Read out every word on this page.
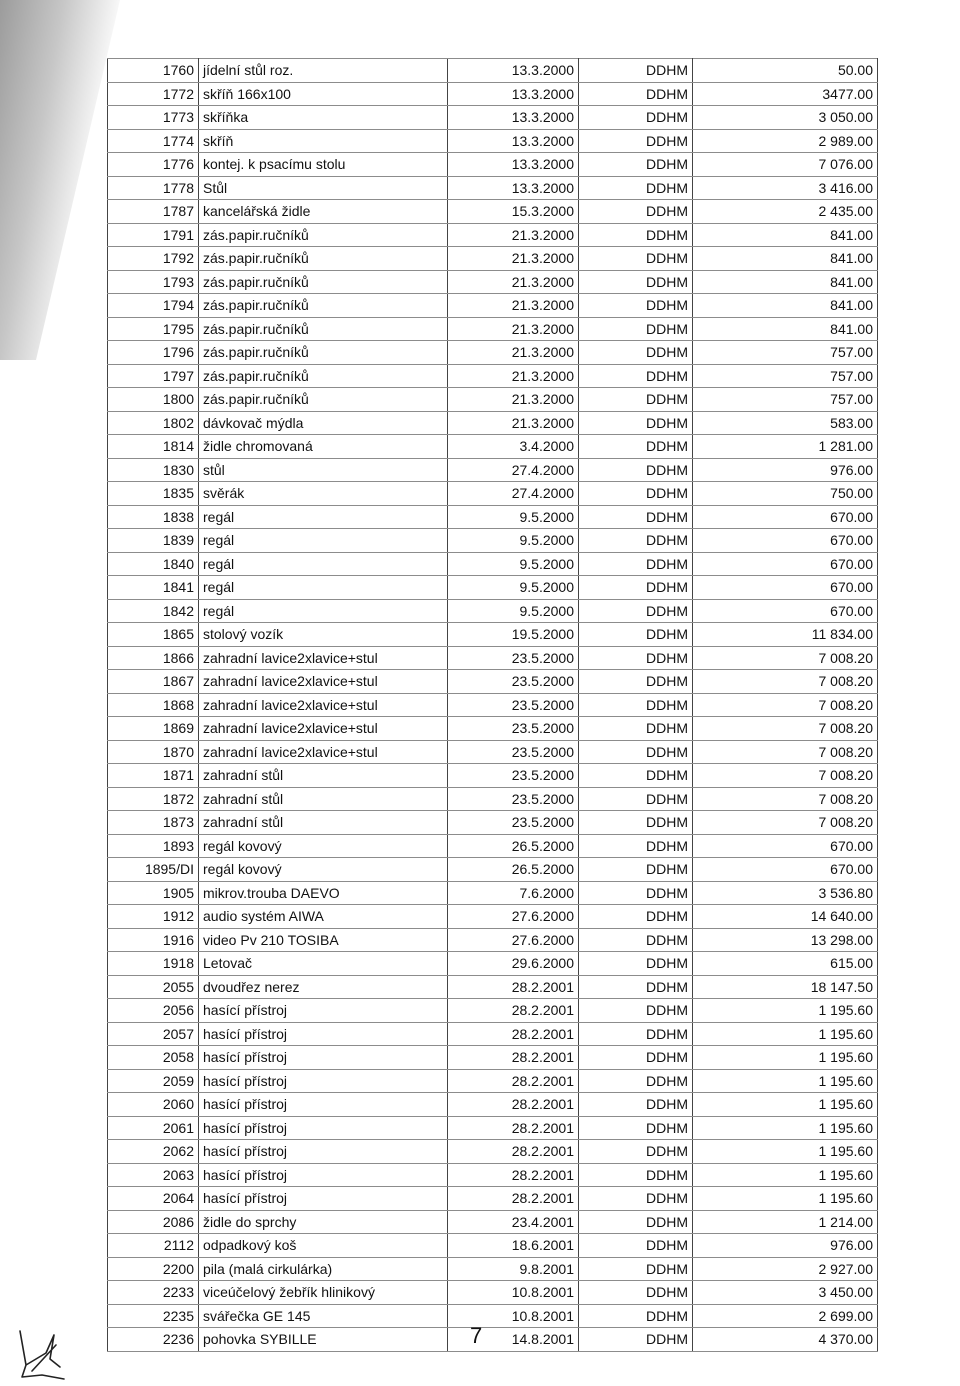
1760	jídelní stůl roz.	13.3.2000	DDHM	50.00
1772	skříň 166x100	13.3.2000	DDHM	3477.00
1773	skříňka	13.3.2000	DDHM	3 050.00
1774	skříň	13.3.2000	DDHM	2 989.00
1776	kontej. k psacímu stolu	13.3.2000	DDHM	7 076.00
1778	Stůl	13.3.2000	DDHM	3 416.00
1787	kancelářská židle	15.3.2000	DDHM	2 435.00
1791	zás.papir.ručníků	21.3.2000	DDHM	841.00
1792	zás.papir.ručníků	21.3.2000	DDHM	841.00
1793	zás.papir.ručníků	21.3.2000	DDHM	841.00
1794	zás.papir.ručníků	21.3.2000	DDHM	841.00
1795	zás.papir.ručníků	21.3.2000	DDHM	841.00
1796	zás.papir.ručníků	21.3.2000	DDHM	757.00
1797	zás.papir.ručníků	21.3.2000	DDHM	757.00
1800	zás.papir.ručníků	21.3.2000	DDHM	757.00
1802	dávkovač mýdla	21.3.2000	DDHM	583.00
1814	židle chromovaná	3.4.2000	DDHM	1 281.00
1830	stůl	27.4.2000	DDHM	976.00
1835	svěrák	27.4.2000	DDHM	750.00
1838	regál	9.5.2000	DDHM	670.00
1839	regál	9.5.2000	DDHM	670.00
1840	regál	9.5.2000	DDHM	670.00
1841	regál	9.5.2000	DDHM	670.00
1842	regál	9.5.2000	DDHM	670.00
1865	stolový vozík	19.5.2000	DDHM	11 834.00
1866	zahradní lavice2xlavice+stul	23.5.2000	DDHM	7 008.20
1867	zahradní lavice2xlavice+stul	23.5.2000	DDHM	7 008.20
1868	zahradní lavice2xlavice+stul	23.5.2000	DDHM	7 008.20
1869	zahradní lavice2xlavice+stul	23.5.2000	DDHM	7 008.20
1870	zahradní lavice2xlavice+stul	23.5.2000	DDHM	7 008.20
1871	zahradní stůl	23.5.2000	DDHM	7 008.20
1872	zahradní stůl	23.5.2000	DDHM	7 008.20
1873	zahradní stůl	23.5.2000	DDHM	7 008.20
1893	regál kovový	26.5.2000	DDHM	670.00
1895/DI	regál kovový	26.5.2000	DDHM	670.00
1905	mikrov.trouba DAEVO	7.6.2000	DDHM	3 536.80
1912	audio systém AIWA	27.6.2000	DDHM	14 640.00
1916	video Pv 210 TOSIBA	27.6.2000	DDHM	13 298.00
1918	Letovač	29.6.2000	DDHM	615.00
2055	dvoudřez nerez	28.2.2001	DDHM	18 147.50
2056	hasící přístroj	28.2.2001	DDHM	1 195.60
2057	hasící přístroj	28.2.2001	DDHM	1 195.60
2058	hasící přístroj	28.2.2001	DDHM	1 195.60
2059	hasící přístroj	28.2.2001	DDHM	1 195.60
2060	hasící přístroj	28.2.2001	DDHM	1 195.60
2061	hasící přístroj	28.2.2001	DDHM	1 195.60
2062	hasící přístroj	28.2.2001	DDHM	1 195.60
2063	hasící přístroj	28.2.2001	DDHM	1 195.60
2064	hasící přístroj	28.2.2001	DDHM	1 195.60
2086	židle do sprchy	23.4.2001	DDHM	1 214.00
2112	odpadkový koš	18.6.2001	DDHM	976.00
2200	pila (malá cirkulárka)	9.8.2001	DDHM	2 927.00
2233	viceúčelový žebřík hlinikový	10.8.2001	DDHM	3 450.00
2235	svářečka GE 145	10.8.2001	DDHM	2 699.00
2236	pohovka SYBILLE	14.8.2001	DDHM	4 370.00
7
